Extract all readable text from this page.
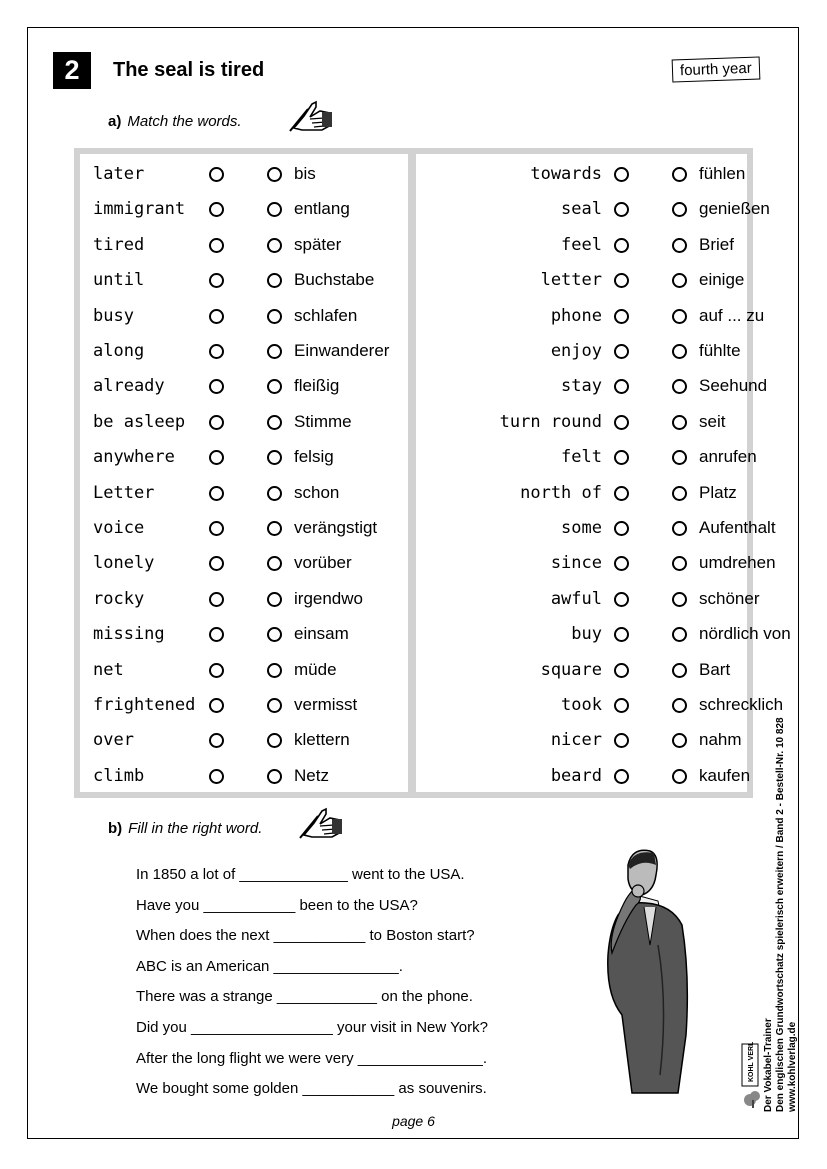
2	The seal is tired	fourth year
a) Match the words.
later	bis
immigrant	entlang
tired	später
until	Buchstabe
busy	schlafen
along	Einwanderer
already	fleißig
be asleep	Stimme
anywhere	felsig
Letter	schon
voice	verängstigt
lonely	vorüber
rocky	irgendwo
missing	einsam
net	müde
frightened	vermisst
over	klettern
climb	Netz
towards	fühlen
seal	genießen
feel	Brief
letter	einige
phone	auf ... zu
enjoy	fühlte
stay	Seehund
turn round	seit
felt	anrufen
north of	Platz
some	Aufenthalt
since	umdrehen
awful	schöner
buy	nördlich von
square	Bart
took	schrecklich
nicer	nahm
beard	kaufen
b) Fill in the right word.
In 1850 a lot of _____________ went to the USA.
Have you ___________ been to the USA?
When does the next ___________ to Boston start?
ABC is an American _______________.
There was a strange ____________ on the phone.
Did you _________________ your visit in New York?
After the long flight we were very _______________.
We bought some golden ___________ as souvenirs.
page 6
Der Vokabel-Trainer Den englischen Grundwortschatz spielerisch erweitern / Band 2 - Bestell-Nr. 10 828 www.kohlverlag.de
KOHL VERLAG
